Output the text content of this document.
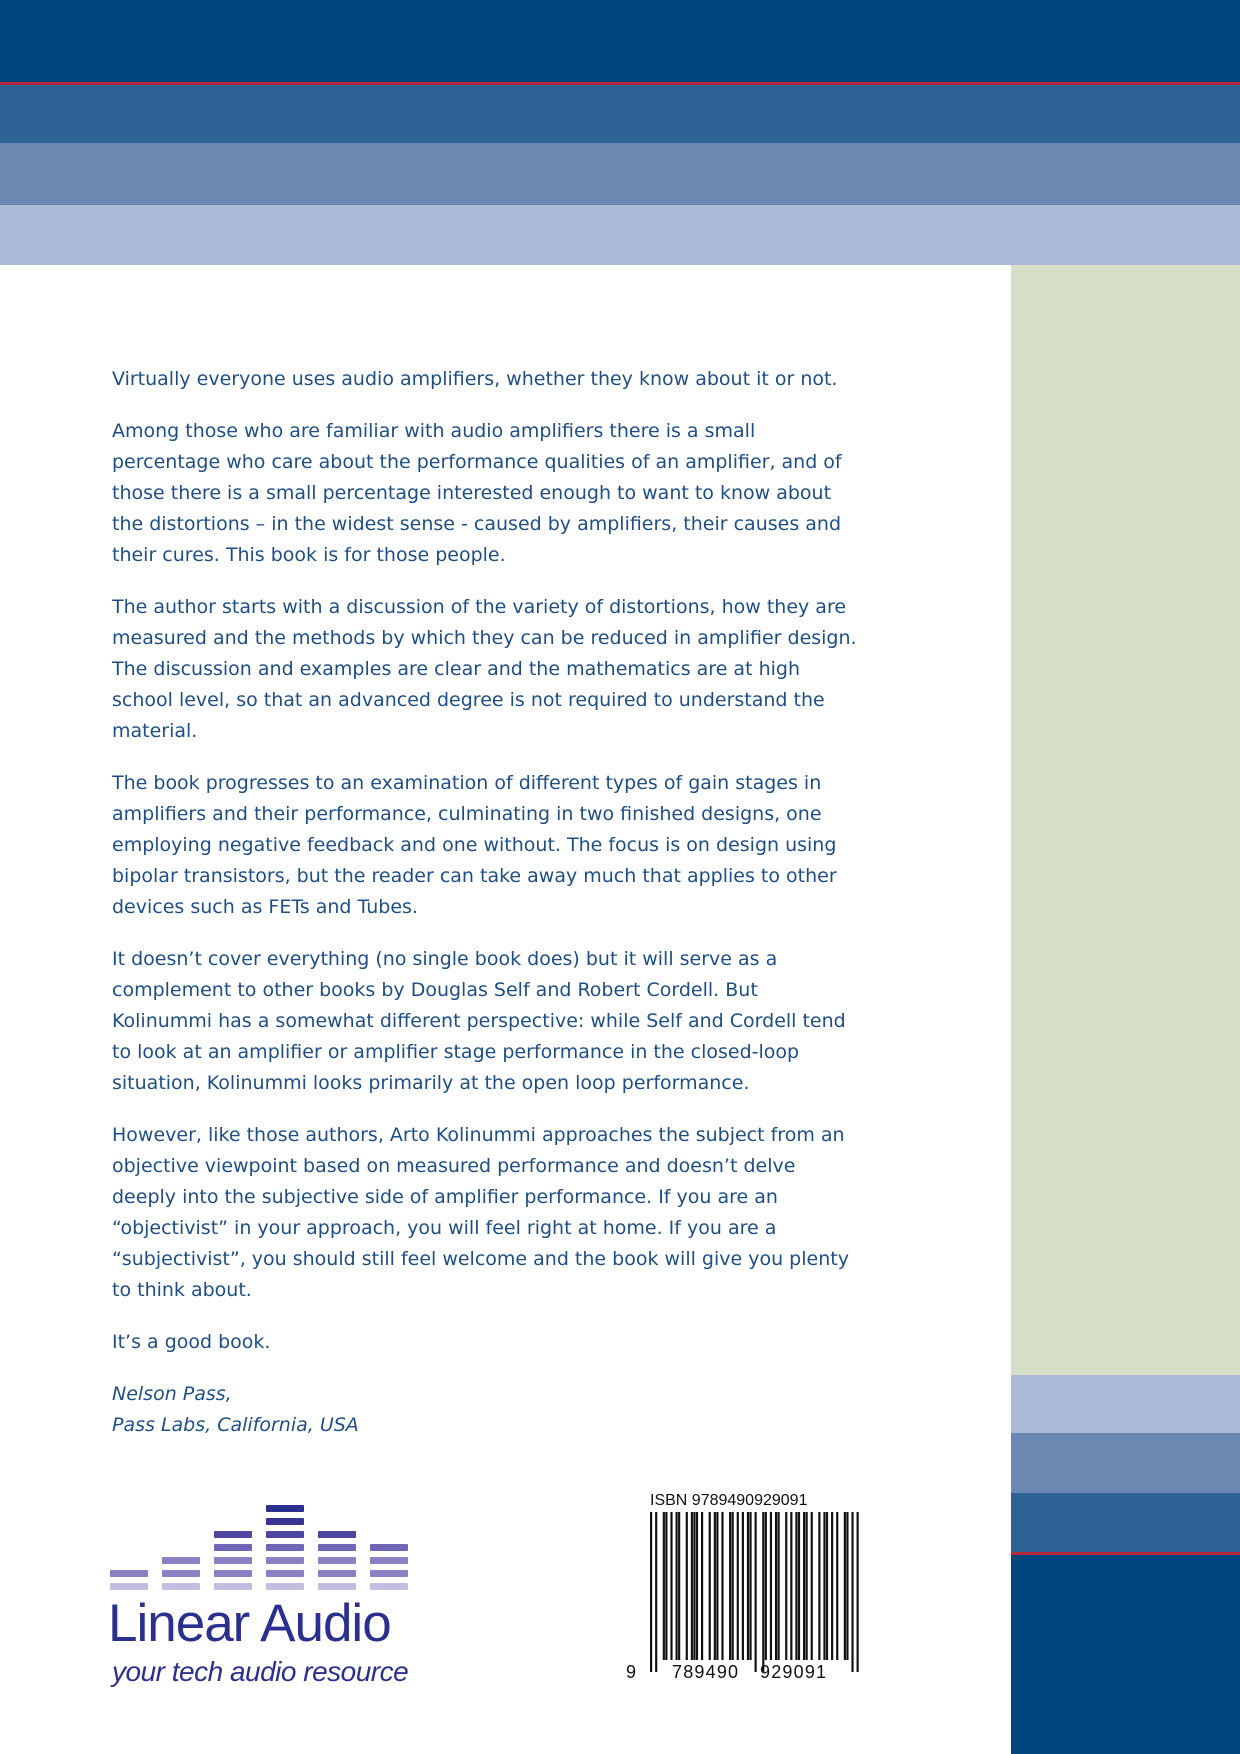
Virtually everyone uses audio amplifiers, whether they know about it or not.

Among those who are familiar with audio amplifiers there is a small percentage who care about the performance qualities of an amplifier, and of those there is a small percentage interested enough to want to know about the distortions – in the widest sense - caused by amplifiers, their causes and their cures. This book is for those people.

The author starts with a discussion of the variety of distortions, how they are measured and the methods by which they can be reduced in amplifier design. The discussion and examples are clear and the mathematics are at high school level, so that an advanced degree is not required to understand the material.

The book progresses to an examination of different types of gain stages in amplifiers and their performance, culminating in two finished designs, one employing negative feedback and one without. The focus is on design using bipolar transistors, but the reader can take away much that applies to other devices such as FETs and Tubes.

It doesn’t cover everything (no single book does) but it will serve as a complement to other books by Douglas Self and Robert Cordell. But Kolinummi has a somewhat different perspective: while Self and Cordell tend to look at an amplifier or amplifier stage performance in the closed-loop situation, Kolinummi looks primarily at the open loop performance.

However, like those authors, Arto Kolinummi approaches the subject from an objective viewpoint based on measured performance and doesn’t delve deeply into the subjective side of amplifier performance. If you are an “objectivist” in your approach, you will feel right at home. If you are a “subjectivist”, you should still feel welcome and the book will give you plenty to think about.

It’s a good book.

Nelson Pass,

Pass Labs, California, USA

Linear Audio
your tech audio resource
ISBN 9789490929091
9 789490 929091
